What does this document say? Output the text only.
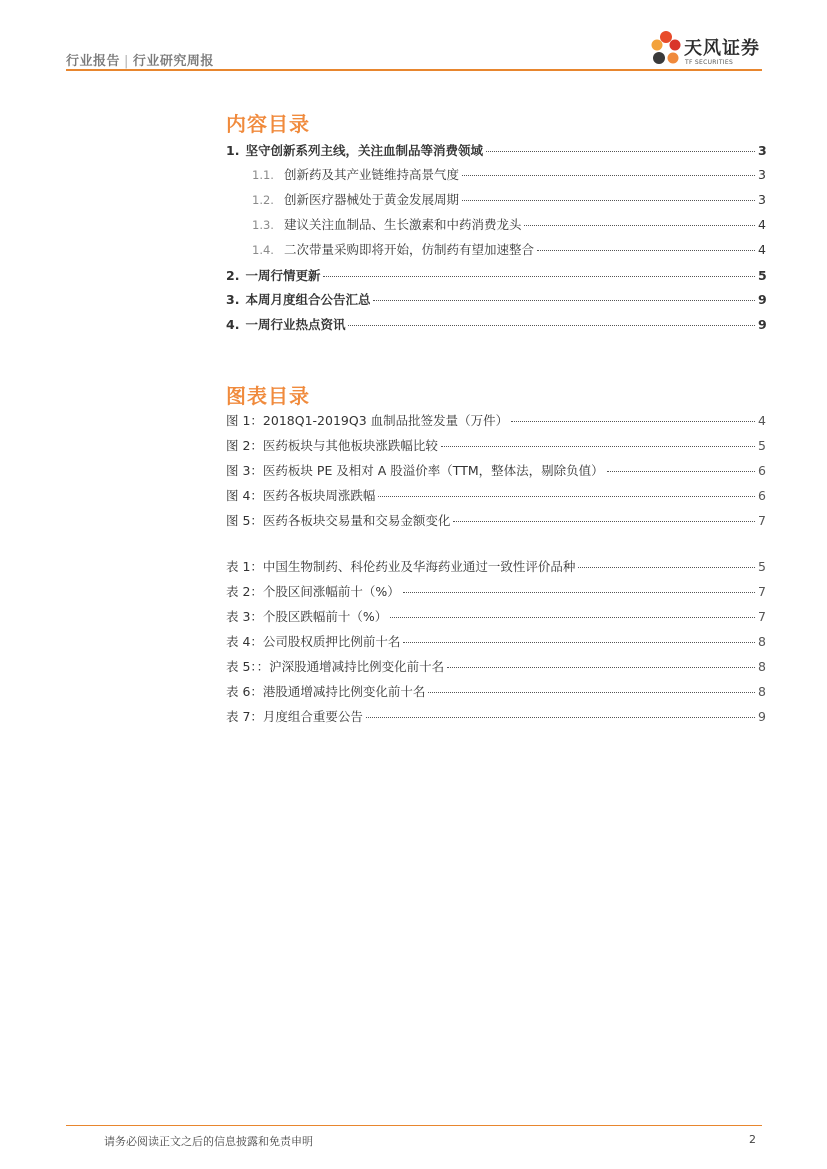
行业报告 | 行业研究周报
天风证券
TF SECURITIES
内容目录
1. 坚守创新系列主线，关注血制品等消费领域	3
1.1. 创新药及其产业链维持高景气度	3
1.2. 创新医疗器械处于黄金发展周期	3
1.3. 建议关注血制品、生长激素和中药消费龙头	4
1.4. 二次带量采购即将开始，仿制药有望加速整合	4
2. 一周行情更新	5
3. 本周月度组合公告汇总	9
4. 一周行业热点资讯	9
图表目录
图 1：2018Q1-2019Q3 血制品批签发量（万件）	4
图 2：医药板块与其他板块涨跌幅比较	5
图 3：医药板块 PE 及相对 A 股溢价率（TTM，整体法，剔除负值）	6
图 4：医药各板块周涨跌幅	6
图 5：医药各板块交易量和交易金额变化	7
表 1：中国生物制药、科伦药业及华海药业通过一致性评价品种	5
表 2：个股区间涨幅前十（%）	7
表 3：个股区跌幅前十（%）	7
表 4：公司股权质押比例前十名	8
表 5：：沪深股通增减持比例变化前十名	8
表 6：港股通增减持比例变化前十名	8
表 7：月度组合重要公告	9
请务必阅读正文之后的信息披露和免责申明	2
